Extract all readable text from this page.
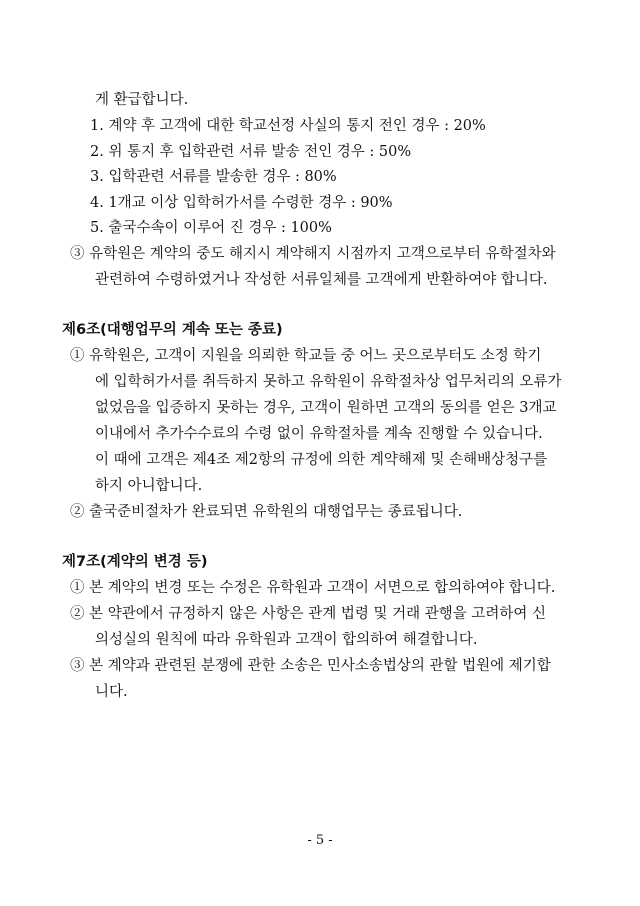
게 환급합니다.
1. 계약 후 고객에 대한 학교선정 사실의 통지 전인 경우 : 20%
2. 위 통지 후 입학관련 서류 발송 전인 경우 : 50%
3. 입학관련 서류를 발송한 경우 : 80%
4. 1개교 이상 입학허가서를 수령한 경우 : 90%
5. 출국수속이 이루어 진 경우 : 100%
③ 유학원은 계약의 중도 해지시 계약해지 시점까지 고객으로부터 유학절차와
관련하여 수령하였거나 작성한 서류일체를 고객에게 반환하여야 합니다.
제6조(대행업무의 계속 또는 종료)
① 유학원은, 고객이 지원을 의뢰한 학교들 중 어느 곳으로부터도 소정 학기
에 입학허가서를 취득하지 못하고 유학원이 유학절차상 업무처리의 오류가
없었음을 입증하지 못하는 경우, 고객이 원하면 고객의 동의를 얻은 3개교
이내에서 추가수수료의 수령 없이 유학절차를 계속 진행할 수 있습니다.
이 때에 고객은 제4조 제2항의 규정에 의한 계약해제 및 손해배상청구를
하지 아니합니다.
② 출국준비절차가 완료되면 유학원의 대행업무는 종료됩니다.
제7조(계약의 변경 등)
① 본 계약의 변경 또는 수정은 유학원과 고객이 서면으로 합의하여야 합니다.
② 본 약관에서 규정하지 않은 사항은 관계 법령 및 거래 관행을 고려하여 신
의성실의 원칙에 따라 유학원과 고객이 합의하여 해결합니다.
③ 본 계약과 관련된 분쟁에 관한 소송은 민사소송법상의 관할 법원에 제기합
니다.
- 5 -
